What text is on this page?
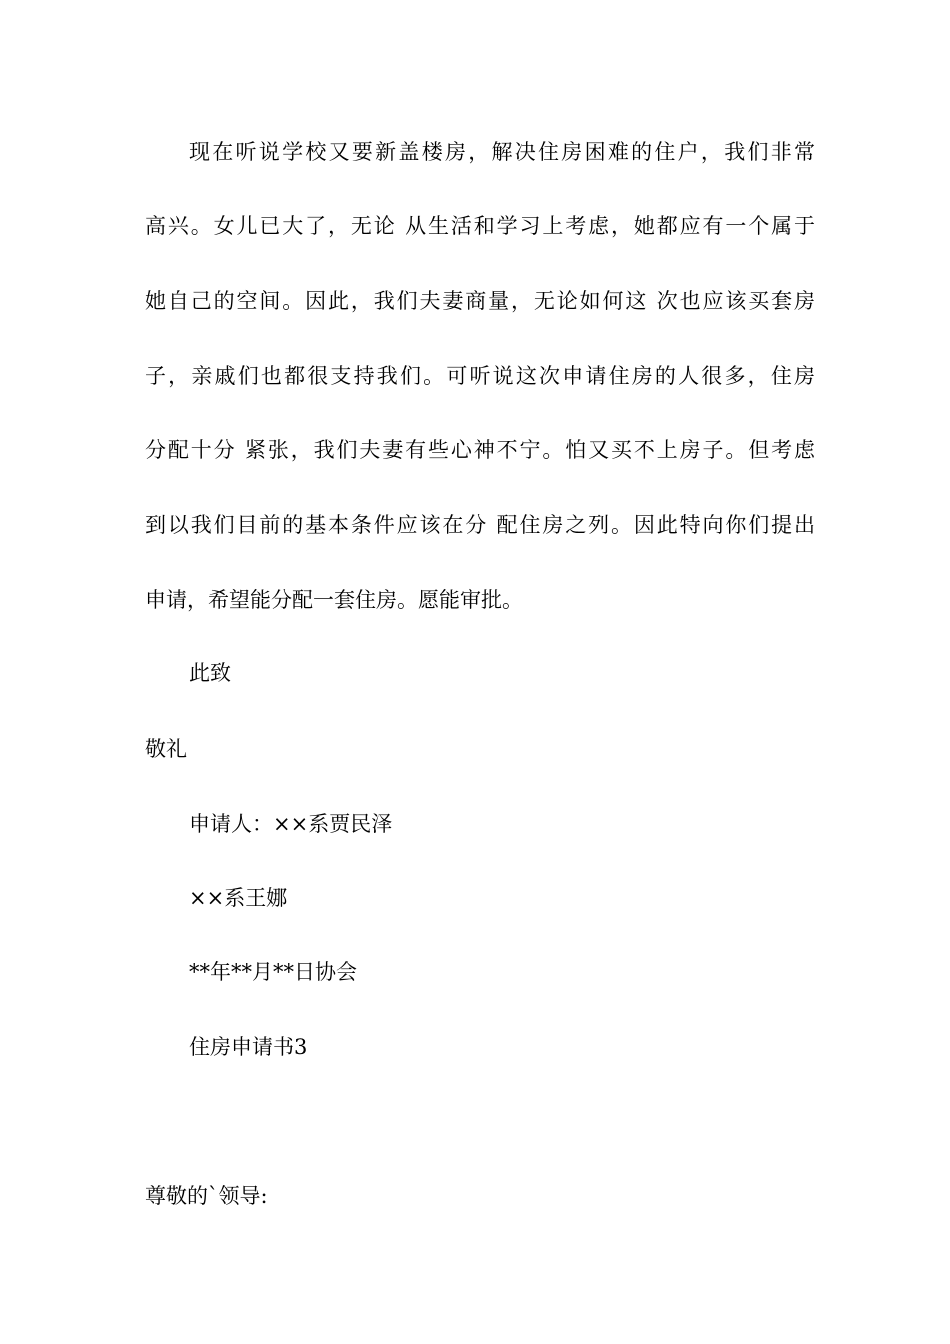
现在听说学校又要新盖楼房，解决住房困难的住户，我们非常
高兴。女儿已大了，无论 从生活和学习上考虑，她都应有一个属于
她自己的空间。因此，我们夫妻商量，无论如何这 次也应该买套房
子，亲戚们也都很支持我们。可听说这次申请住房的人很多，住房
分配十分 紧张，我们夫妻有些心神不宁。怕又买不上房子。但考虑
到以我们目前的基本条件应该在分 配住房之列。因此特向你们提出
申请，希望能分配一套住房。愿能审批。
此致
敬礼
申请人：××系贾民泽
××系王娜
**年**月**日协会
住房申请书3
尊敬的`领导:
